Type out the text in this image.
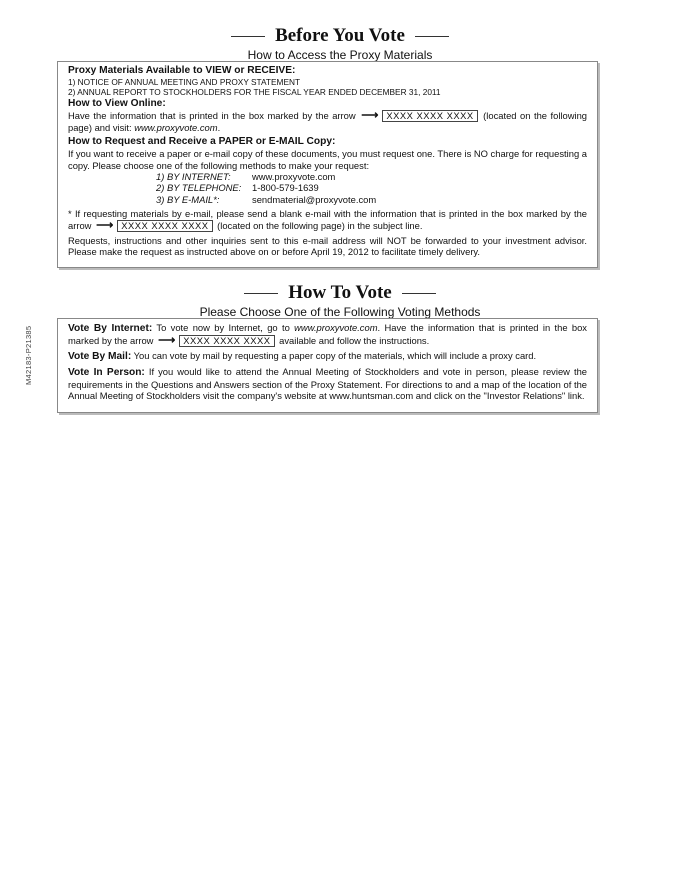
Before You Vote
How to Access the Proxy Materials
Proxy Materials Available to VIEW or RECEIVE:
1) NOTICE OF ANNUAL MEETING AND PROXY STATEMENT
2) ANNUAL REPORT TO STOCKHOLDERS FOR THE FISCAL YEAR ENDED DECEMBER 31, 2011
How to View Online:
Have the information that is printed in the box marked by the arrow ⟶ XXXX XXXX XXXX (located on the following page) and visit: www.proxyvote.com.
How to Request and Receive a PAPER or E-MAIL Copy:
If you want to receive a paper or e-mail copy of these documents, you must request one. There is NO charge for requesting a copy. Please choose one of the following methods to make your request:
1) BY INTERNET:	www.proxyvote.com
2) BY TELEPHONE:	1-800-579-1639
3) BY E-MAIL*:	sendmaterial@proxyvote.com
* If requesting materials by e-mail, please send a blank e-mail with the information that is printed in the box marked by the arrow ⟶ XXXX XXXX XXXX (located on the following page) in the subject line.
Requests, instructions and other inquiries sent to this e-mail address will NOT be forwarded to your investment advisor. Please make the request as instructed above on or before April 19, 2012 to facilitate timely delivery.
How To Vote
Please Choose One of the Following Voting Methods
Vote By Internet: To vote now by Internet, go to www.proxyvote.com. Have the information that is printed in the box marked by the arrow ⟶ XXXX XXXX XXXX available and follow the instructions.
Vote By Mail: You can vote by mail by requesting a paper copy of the materials, which will include a proxy card.
Vote In Person: If you would like to attend the Annual Meeting of Stockholders and vote in person, please review the requirements in the Questions and Answers section of the Proxy Statement. For directions to and a map of the location of the Annual Meeting of Stockholders visit the company's website at www.huntsman.com and click on the "Investor Relations" link.
M42183-P21385
